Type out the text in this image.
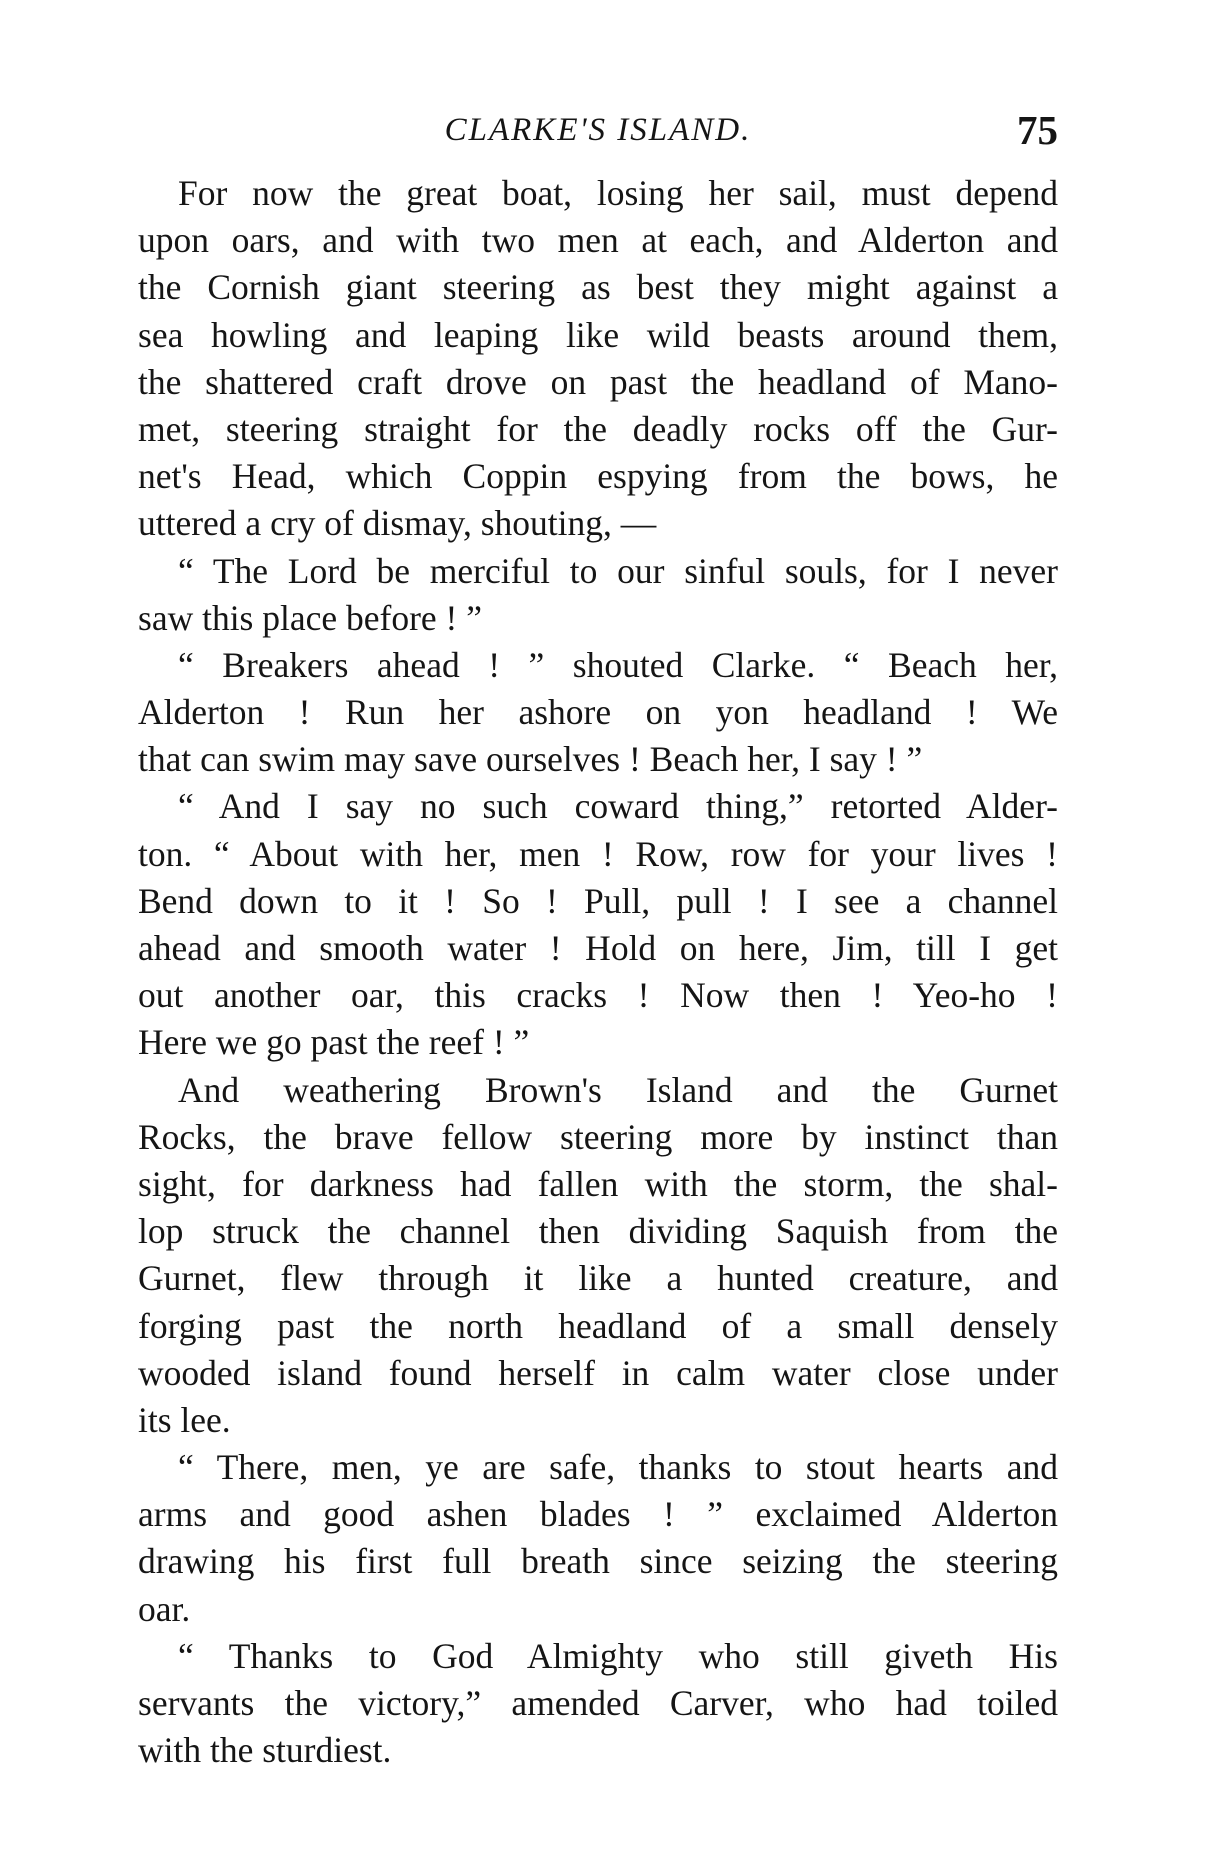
CLARKE'S ISLAND.	75
For now the great boat, losing her sail, must depend
upon oars, and with two men at each, and Alderton and
the Cornish giant steering as best they might against a
sea howling and leaping like wild beasts around them,
the shattered craft drove on past the headland of Mano-
met, steering straight for the deadly rocks off the Gur-
net's Head, which Coppin espying from the bows, he
uttered a cry of dismay, shouting, —
“ The Lord be merciful to our sinful souls, for I never
saw this place before ! ”
“ Breakers ahead ! ” shouted Clarke. “ Beach her,
Alderton ! Run her ashore on yon headland ! We
that can swim may save ourselves ! Beach her, I say ! ”
“ And I say no such coward thing,” retorted Alder-
ton. “ About with her, men ! Row, row for your lives !
Bend down to it ! So ! Pull, pull ! I see a channel
ahead and smooth water ! Hold on here, Jim, till I get
out another oar, this cracks ! Now then ! Yeo-ho !
Here we go past the reef ! ”
And weathering Brown's Island and the Gurnet
Rocks, the brave fellow steering more by instinct than
sight, for darkness had fallen with the storm, the shal-
lop struck the channel then dividing Saquish from the
Gurnet, flew through it like a hunted creature, and
forging past the north headland of a small densely
wooded island found herself in calm water close under
its lee.
“ There, men, ye are safe, thanks to stout hearts and
arms and good ashen blades ! ” exclaimed Alderton
drawing his first full breath since seizing the steering
oar.
“ Thanks to God Almighty who still giveth His
servants the victory,” amended Carver, who had toiled
with the sturdiest.
